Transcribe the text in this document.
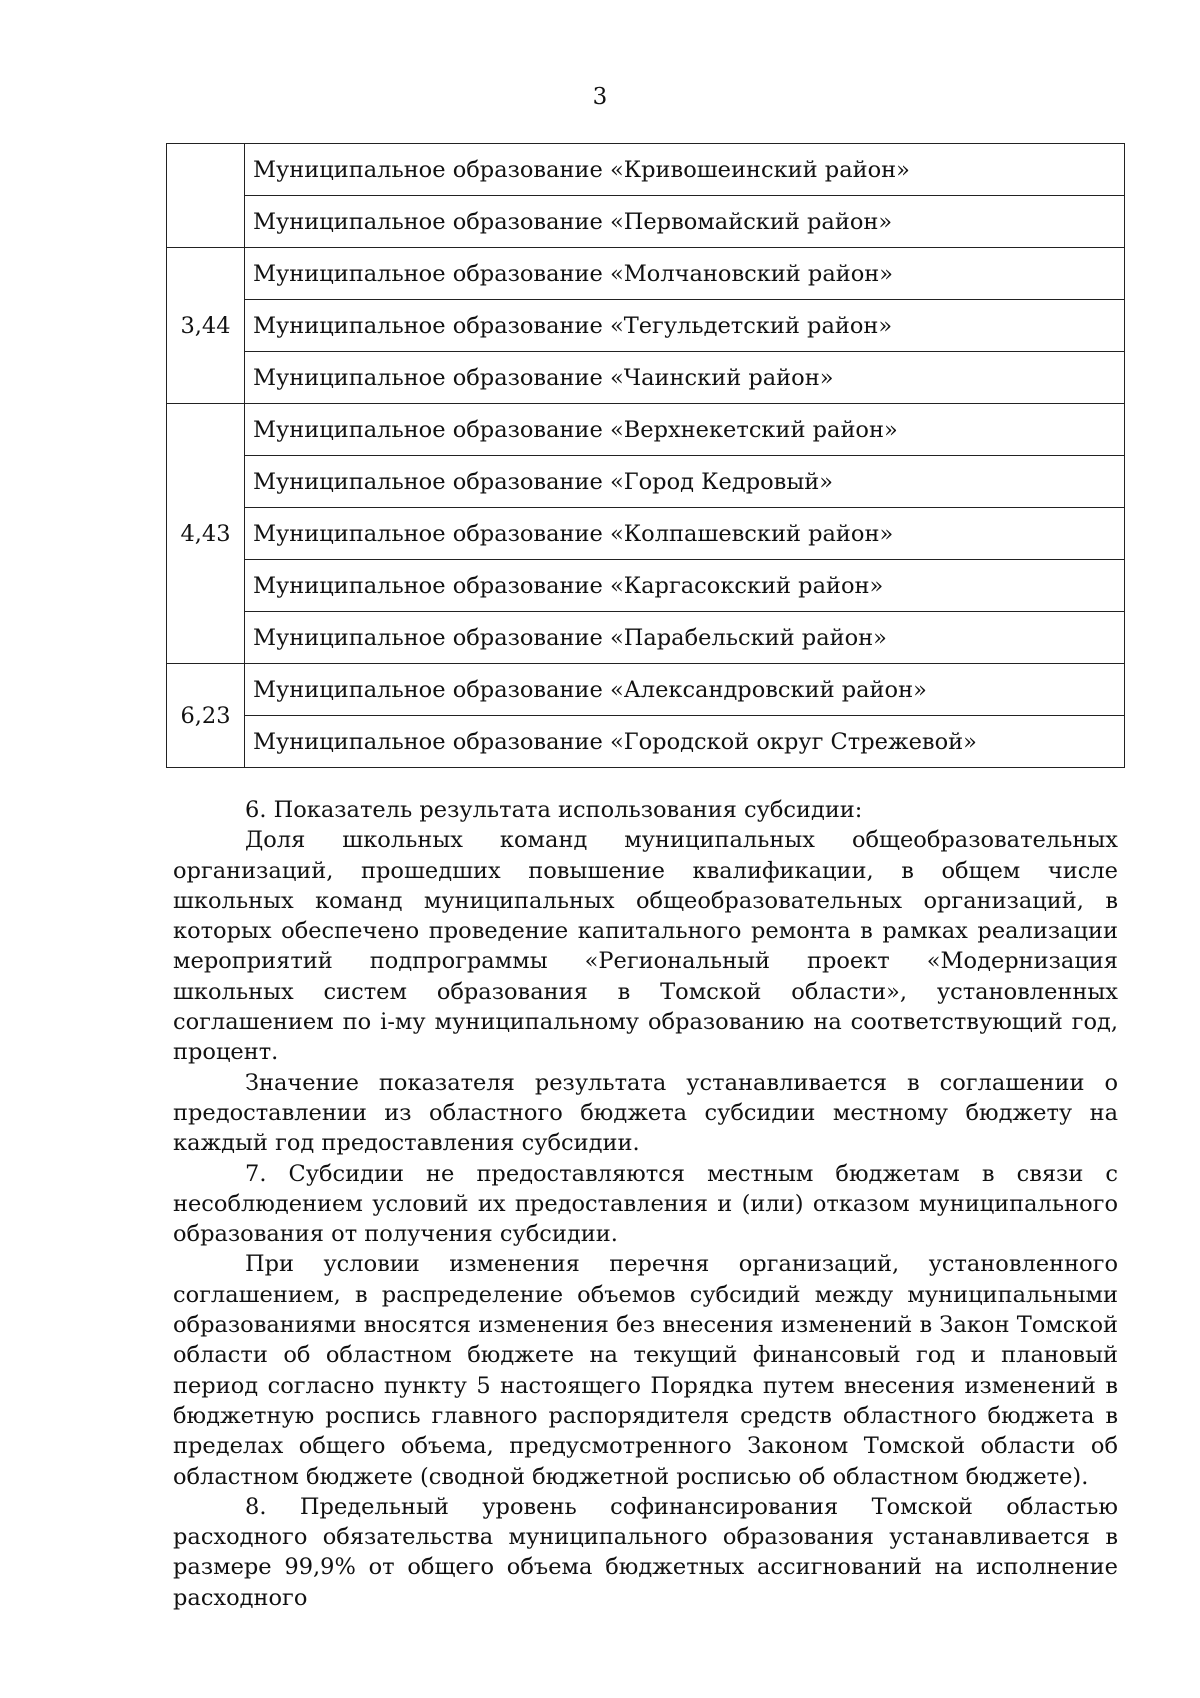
3
	Муниципальное образование «Кривошеинский район»
	Муниципальное образование «Первомайский район»
3,44	Муниципальное образование «Молчановский район»
	Муниципальное образование «Тегульдетский район»
	Муниципальное образование «Чаинский район»
4,43	Муниципальное образование «Верхнекетский район»
	Муниципальное образование «Город Кедровый»
	Муниципальное образование «Колпашевский район»
	Муниципальное образование «Каргасокский район»
	Муниципальное образование «Парабельский район»
6,23	Муниципальное образование «Александровский район»
	Муниципальное образование «Городской округ Стрежевой»

6. Показатель результата использования субсидии:

Доля школьных команд муниципальных общеобразовательных организаций, прошедших повышение квалификации, в общем числе школьных команд муниципальных общеобразовательных организаций, в которых обеспечено проведение капитального ремонта в рамках реализации мероприятий подпрограммы «Региональный проект «Модернизация школьных систем образования в Томской области», установленных соглашением по i-му муниципальному образованию на соответствующий год, процент.

Значение показателя результата устанавливается в соглашении о предоставлении из областного бюджета субсидии местному бюджету на каждый год предоставления субсидии.

7. Субсидии не предоставляются местным бюджетам в связи с несоблюдением условий их предоставления и (или) отказом муниципального образования от получения субсидии.

При условии изменения перечня организаций, установленного соглашением, в распределение объемов субсидий между муниципальными образованиями вносятся изменения без внесения изменений в Закон Томской области об областном бюджете на текущий финансовый год и плановый период согласно пункту 5 настоящего Порядка путем внесения изменений в бюджетную роспись главного распорядителя средств областного бюджета в пределах общего объема, предусмотренного Законом Томской области об областном бюджете (сводной бюджетной росписью об областном бюджете).

8. Предельный уровень софинансирования Томской областью расходного обязательства муниципального образования устанавливается в размере 99,9% от общего объема бюджетных ассигнований на исполнение расходного
